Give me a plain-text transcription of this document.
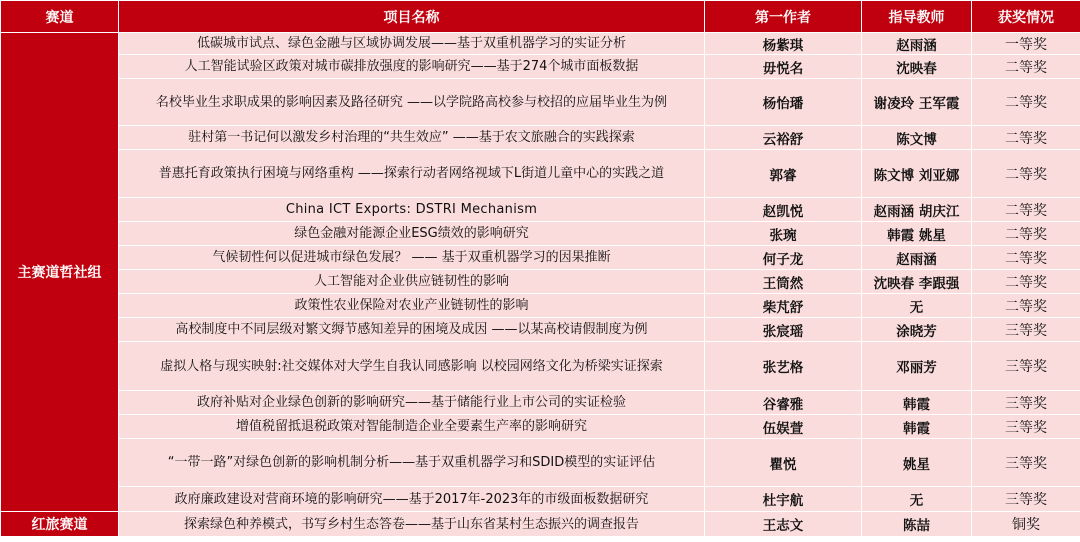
赛道	项目名称	第一作者	指导教师	获奖情况
主赛道哲社组	低碳城市试点、绿色金融与区域协调发展——基于双重机器学习的实证分析	杨紫琪	赵雨涵	一等奖
	人工智能试验区政策对城市碳排放强度的影响研究——基于274个城市面板数据	毋悦名	沈映春	二等奖
	名校毕业生求职成果的影响因素及路径研究 ——以学院路高校参与校招的应届毕业生为例	杨怡璠	谢凌玲 王军霞	二等奖
	驻村第一书记何以激发乡村治理的“共生效应” ——基于农文旅融合的实践探索	云裕舒	陈文博	二等奖
	普惠托育政策执行困境与网络重构 ——探索行动者网络视域下L街道儿童中心的实践之道	郭睿	陈文博 刘亚娜	二等奖
	China ICT Exports: DSTRI Mechanism	赵凯悦	赵雨涵 胡庆江	二等奖
	绿色金融对能源企业ESG绩效的影响研究	张琬	韩霞 姚星	二等奖
	气候韧性何以促进城市绿色发展？ —— 基于双重机器学习的因果推断	何子龙	赵雨涵	二等奖
	人工智能对企业供应链韧性的影响	王筒然	沈映春 李跟强	二等奖
	政策性农业保险对农业产业链韧性的影响	柴芃舒	无	二等奖
	高校制度中不同层级对繁文缛节感知差异的困境及成因 ——以某高校请假制度为例	张宸瑶	涂晓芳	三等奖
	虚拟人格与现实映射:社交媒体对大学生自我认同感影响 以校园网络文化为桥梁实证探索	张艺格	邓丽芳	三等奖
	政府补贴对企业绿色创新的影响研究——基于储能行业上市公司的实证检验	谷睿雅	韩霞	三等奖
	增值税留抵退税政策对智能制造企业全要素生产率的影响研究	伍娱萱	韩霞	三等奖
	“一带一路”对绿色创新的影响机制分析——基于双重机器学习和SDID模型的实证评估	瞿悦	姚星	三等奖
	政府廉政建设对营商环境的影响研究——基于2017年-2023年的市级面板数据研究	杜宇航	无	三等奖
红旅赛道	探索绿色种养模式，书写乡村生态答卷——基于山东省某村生态振兴的调查报告	王志文	陈喆	铜奖
